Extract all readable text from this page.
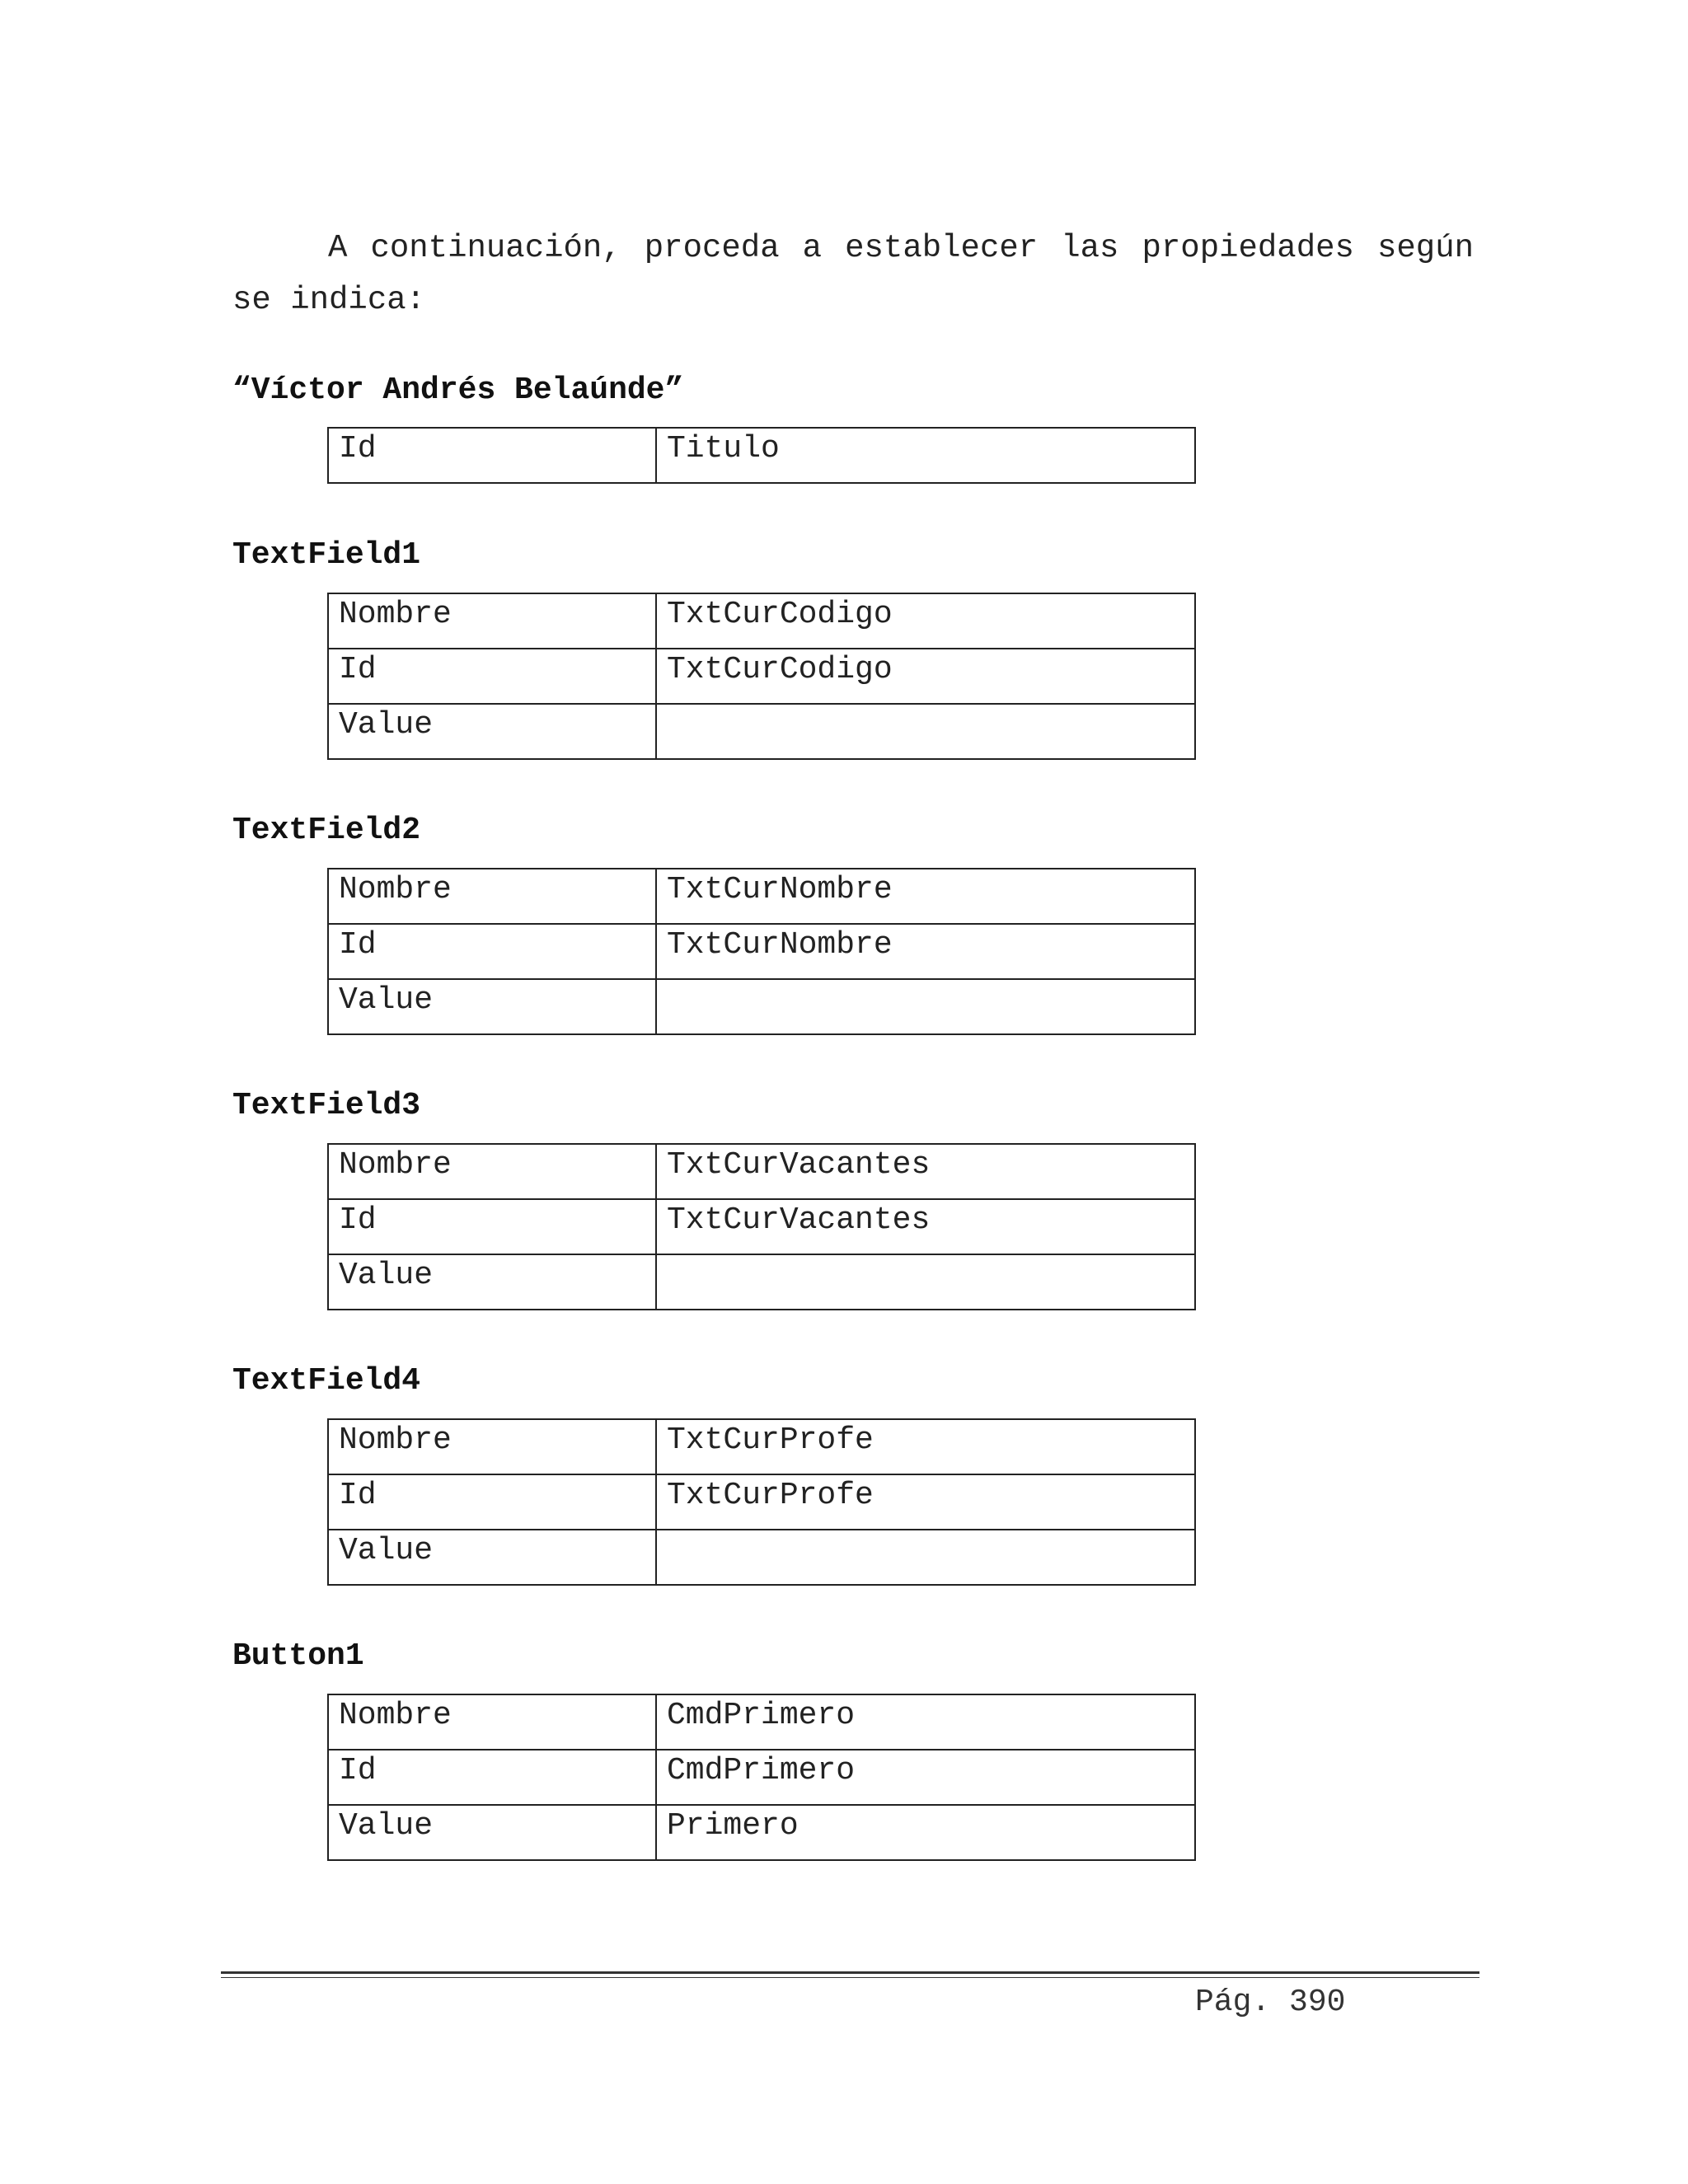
A continuación, proceda a establecer las propiedades según
se indica:

“Víctor Andrés Belaúnde”
Id	Titulo
TextField1
Nombre	TxtCurCodigo
Id	TxtCurCodigo
Value	
TextField2
Nombre	TxtCurNombre
Id	TxtCurNombre
Value	
TextField3
Nombre	TxtCurVacantes
Id	TxtCurVacantes
Value	
TextField4
Nombre	TxtCurProfe
Id	TxtCurProfe
Value	
Button1
Nombre	CmdPrimero
Id	CmdPrimero
Value	Primero
Pág. 390
